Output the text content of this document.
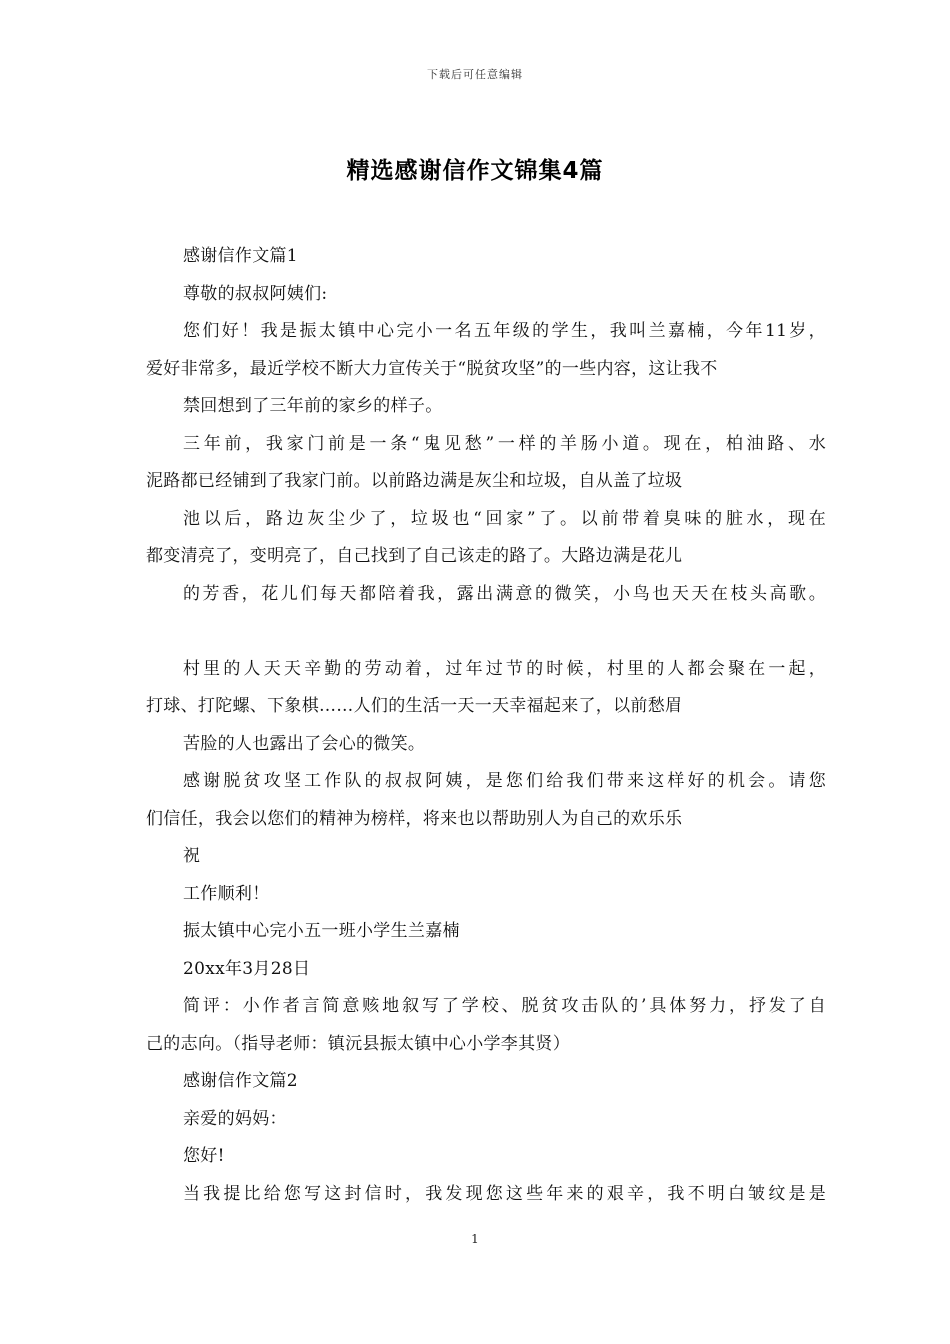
下载后可任意编辑
精选感谢信作文锦集4篇
感谢信作文篇1
尊敬的叔叔阿姨们:
您们好！我是振太镇中心完小一名五年级的学生，我叫兰嘉楠，今年11岁，
爱好非常多，最近学校不断大力宣传关于“脱贫攻坚”的一些内容，这让我不
禁回想到了三年前的家乡的样子。
三年前，我家门前是一条“鬼见愁”一样的羊肠小道。现在，柏油路、水
泥路都已经铺到了我家门前。以前路边满是灰尘和垃圾，自从盖了垃圾
池以后，路边灰尘少了，垃圾也“回家”了。以前带着臭味的脏水，现在
都变清亮了，变明亮了，自己找到了自己该走的路了。大路边满是花儿
的芳香，花儿们每天都陪着我，露出满意的微笑，小鸟也天天在枝头高歌。
村里的人天天辛勤的劳动着，过年过节的时候，村里的人都会聚在一起，
打球、打陀螺、下象棋……人们的生活一天一天幸福起来了，以前愁眉
苦脸的人也露出了会心的微笑。
感谢脱贫攻坚工作队的叔叔阿姨，是您们给我们带来这样好的机会。请您
们信任，我会以您们的精神为榜样，将来也以帮助别人为自己的欢乐乐
祝
工作顺利！
振太镇中心完小五一班小学生兰嘉楠
20xx年3月28日
简评：小作者言简意赅地叙写了学校、脱贫攻击队的’具体努力，抒发了自
己的志向。（指导老师：镇沅县振太镇中心小学李其贤）
感谢信作文篇2
亲爱的妈妈：
您好!
当我提比给您写这封信时，我发现您这些年来的艰辛，我不明白皱纹是是
1
